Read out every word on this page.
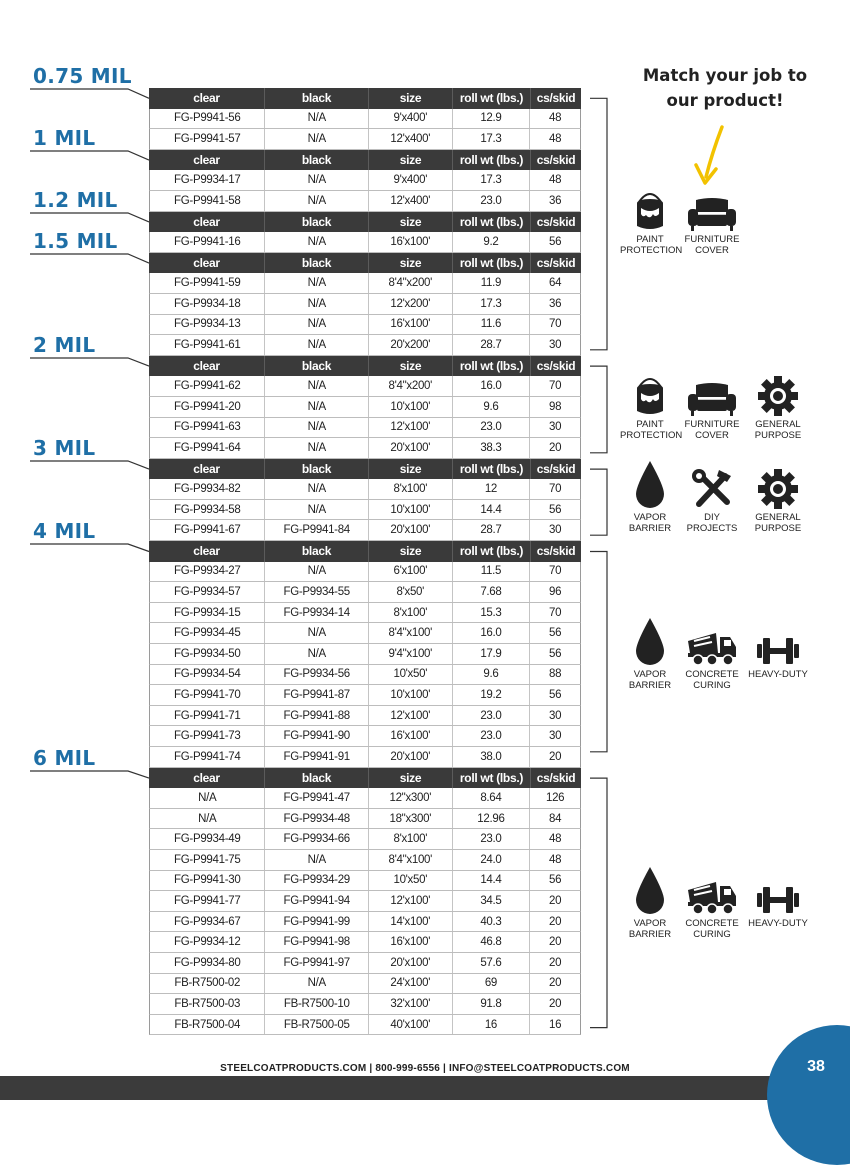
0.75 MIL
1 MIL
1.2 MIL
1.5 MIL
2 MIL
3 MIL
4 MIL
6 MIL
clear	black	size	roll wt (lbs.)	cs/skid
FG-P9941-56	N/A	9'x400'	12.9	48
FG-P9941-57	N/A	12'x400'	17.3	48
clear	black	size	roll wt (lbs.)	cs/skid
FG-P9934-17	N/A	9'x400'	17.3	48
FG-P9941-58	N/A	12'x400'	23.0	36
clear	black	size	roll wt (lbs.)	cs/skid
FG-P9941-16	N/A	16'x100'	9.2	56
clear	black	size	roll wt (lbs.)	cs/skid
FG-P9941-59	N/A	8'4"x200'	11.9	64
FG-P9934-18	N/A	12'x200'	17.3	36
FG-P9934-13	N/A	16'x100'	11.6	70
FG-P9941-61	N/A	20'x200'	28.7	30
clear	black	size	roll wt (lbs.)	cs/skid
FG-P9941-62	N/A	8'4"x200'	16.0	70
FG-P9941-20	N/A	10'x100'	9.6	98
FG-P9941-63	N/A	12'x100'	23.0	30
FG-P9941-64	N/A	20'x100'	38.3	20
clear	black	size	roll wt (lbs.)	cs/skid
FG-P9934-82	N/A	8'x100'	12	70
FG-P9934-58	N/A	10'x100'	14.4	56
FG-P9941-67	FG-P9941-84	20'x100'	28.7	30
clear	black	size	roll wt (lbs.)	cs/skid
FG-P9934-27	N/A	6'x100'	11.5	70
FG-P9934-57	FG-P9934-55	8'x50'	7.68	96
FG-P9934-15	FG-P9934-14	8'x100'	15.3	70
FG-P9934-45	N/A	8'4"x100'	16.0	56
FG-P9934-50	N/A	9'4"x100'	17.9	56
FG-P9934-54	FG-P9934-56	10'x50'	9.6	88
FG-P9941-70	FG-P9941-87	10'x100'	19.2	56
FG-P9941-71	FG-P9941-88	12'x100'	23.0	30
FG-P9941-73	FG-P9941-90	16'x100'	23.0	30
FG-P9941-74	FG-P9941-91	20'x100'	38.0	20
clear	black	size	roll wt (lbs.)	cs/skid
N/A	FG-P9941-47	12"x300'	8.64	126
N/A	FG-P9934-48	18"x300'	12.96	84
FG-P9934-49	FG-P9934-66	8'x100'	23.0	48
FG-P9941-75	N/A	8'4"x100'	24.0	48
FG-P9941-30	FG-P9934-29	10'x50'	14.4	56
FG-P9941-77	FG-P9941-94	12'x100'	34.5	20
FG-P9934-67	FG-P9941-99	14'x100'	40.3	20
FG-P9934-12	FG-P9941-98	16'x100'	46.8	20
FG-P9934-80	FG-P9941-97	20'x100'	57.6	20
FB-R7500-02	N/A	24'x100'	69	20
FB-R7500-03	FB-R7500-10	32'x100'	91.8	20
FB-R7500-04	FB-R7500-05	40'x100'	16	16
Match your job to
our product!
PAINT
PROTECTION
FURNITURE
COVER
PAINT
PROTECTION
FURNITURE
COVER
GENERAL
PURPOSE
VAPOR
BARRIER
DIY
PROJECTS
GENERAL
PURPOSE
VAPOR
BARRIER
CONCRETE
CURING
HEAVY-DUTY
VAPOR
BARRIER
CONCRETE
CURING
HEAVY-DUTY
STEELCOATPRODUCTS.COM | 800-999-6556 | INFO@STEELCOATPRODUCTS.COM	38
